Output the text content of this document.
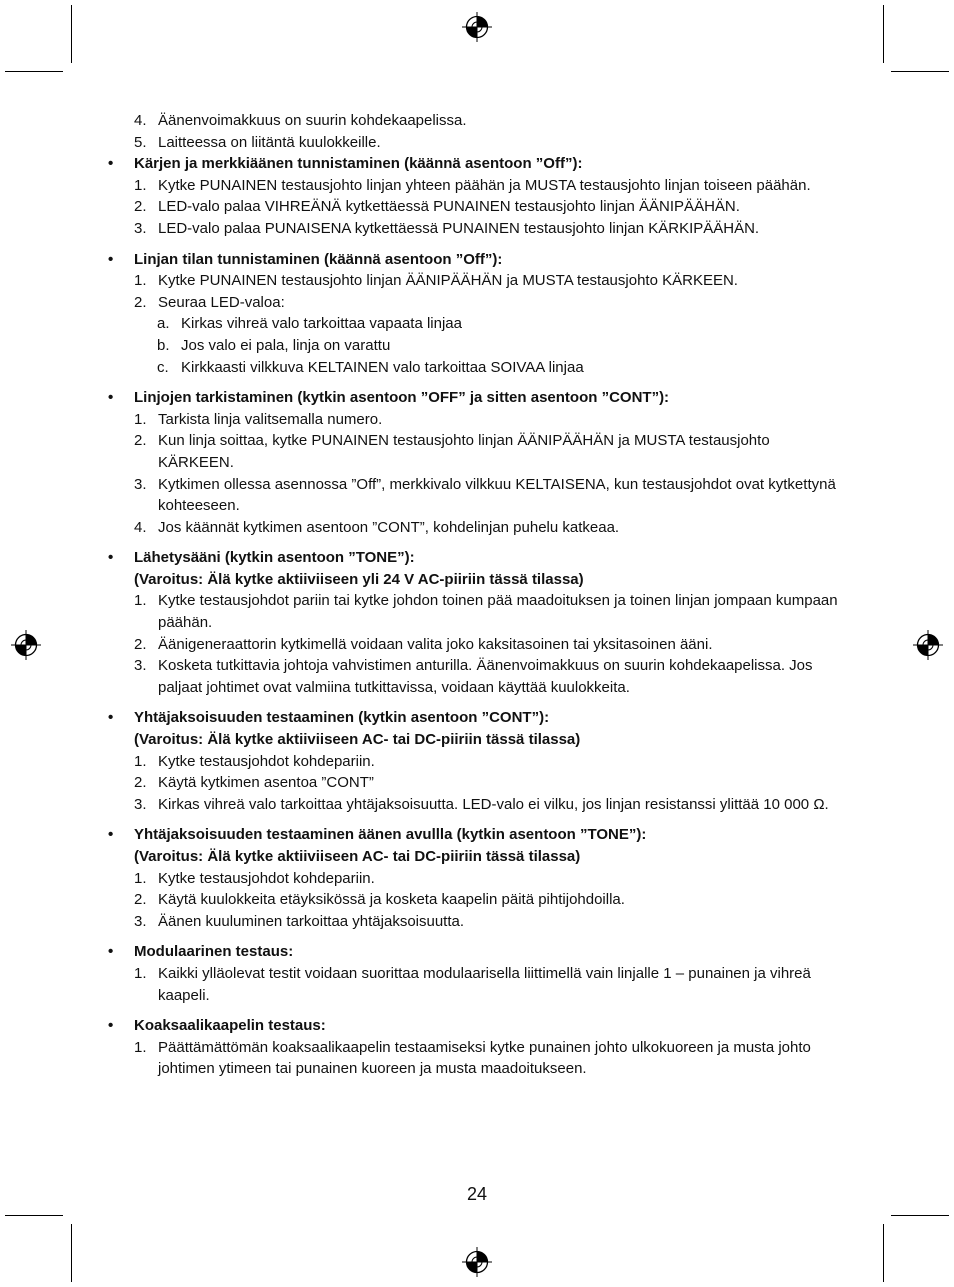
4. Äänenvoimakkuus on suurin kohdekaapelissa.
5. Laitteessa on liitäntä kuulokkeille.
•	Kärjen ja merkkiäänen tunnistaminen (käännä asentoon ”Off”):
1. Kytke PUNAINEN testausjohto linjan yhteen päähän ja MUSTA testausjohto linjan toiseen päähän.
2. LED-valo palaa VIHREÄNÄ kytkettäessä PUNAINEN testausjohto linjan ÄÄNIPÄÄHÄN.
3. LED-valo palaa PUNAISENA kytkettäessä PUNAINEN testausjohto linjan KÄRKIPÄÄHÄN.
•	Linjan tilan tunnistaminen (käännä asentoon ”Off”):
1. Kytke PUNAINEN testausjohto linjan ÄÄNIPÄÄHÄN ja MUSTA testausjohto KÄRKEEN.
2. Seuraa LED-valoa:
a. Kirkas vihreä valo tarkoittaa vapaata linjaa
b. Jos valo ei pala, linja on varattu
c. Kirkkaasti vilkkuva KELTAINEN valo tarkoittaa SOIVAA linjaa
•	Linjojen tarkistaminen (kytkin asentoon ”OFF” ja sitten asentoon ”CONT”):
1. Tarkista linja valitsemalla numero.
2. Kun linja soittaa, kytke PUNAINEN testausjohto linjan ÄÄNIPÄÄHÄN ja MUSTA testausjohto KÄRKEEN.
3. Kytkimen ollessa asennossa ”Off”, merkkivalo vilkkuu KELTAISENA, kun testausjohdot ovat kytkettynä kohteeseen.
4. Jos käännät kytkimen asentoon ”CONT”, kohdelinjan puhelu katkeaa.
•	Lähetysääni (kytkin asentoon ”TONE”):
(Varoitus: Älä kytke aktiiviiseen yli 24 V AC-piiriin tässä tilassa)
1. Kytke testausjohdot pariin tai kytke johdon toinen pää maadoituksen ja toinen linjan jompaan kumpaan päähän.
2. Äänigeneraattorin kytkimellä voidaan valita joko kaksitasoinen tai yksitasoinen ääni.
3. Kosketa tutkittavia johtoja vahvistimen anturilla. Äänenvoimakkuus on suurin kohdekaapelissa. Jos paljaat johtimet ovat valmiina tutkittavissa, voidaan käyttää kuulokkeita.
•	Yhtäjaksoisuuden testaaminen (kytkin asentoon ”CONT”):
(Varoitus: Älä kytke aktiiviiseen AC- tai DC-piiriin tässä tilassa)
1. Kytke testausjohdot kohdepariin.
2. Käytä kytkimen asentoa ”CONT”
3. Kirkas vihreä valo tarkoittaa yhtäjaksoisuutta. LED-valo ei vilku, jos linjan resistanssi ylittää 10 000 Ω.
•	Yhtäjaksoisuuden testaaminen äänen avullla (kytkin asentoon ”TONE”):
(Varoitus: Älä kytke aktiiviiseen AC- tai DC-piiriin tässä tilassa)
1. Kytke testausjohdot kohdepariin.
2. Käytä kuulokkeita etäyksikössä ja kosketa kaapelin päitä pihtijohdoilla.
3. Äänen kuuluminen tarkoittaa yhtäjaksoisuutta.
•	Modulaarinen testaus:
1. Kaikki ylläolevat testit voidaan suorittaa modulaarisella liittimellä vain linjalle 1 – punainen ja vihreä kaapeli.
•	Koaksaalikaapelin testaus:
1. Päättämättömän koaksaalikaapelin testaamiseksi kytke punainen johto ulkokuoreen ja musta johto johtimen ytimeen tai punainen kuoreen ja musta maadoitukseen.
24
